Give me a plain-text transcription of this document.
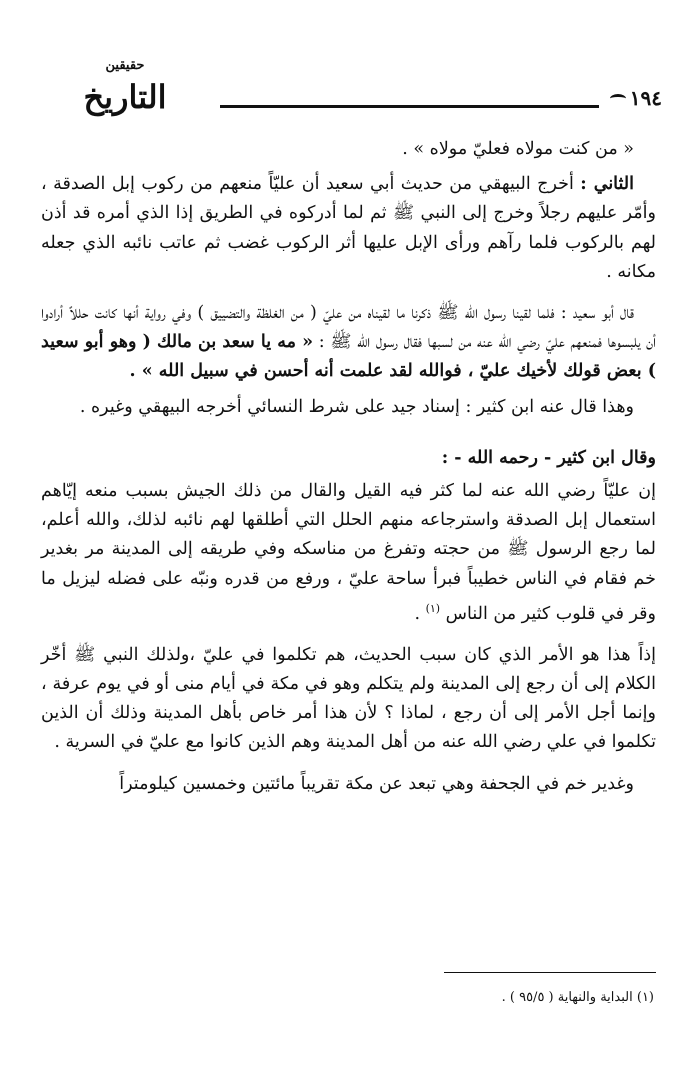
١٩٤
حقيقين
التاريخ

« من كنت مولاه فعليّ مولاه » .

الثاني : أخرج البيهقي من حديث أبي سعيد أن عليّاً منعهم من ركوب إبل الصدقة ، وأمّر عليهم رجلاً وخرج إلى النبي ﷺ ثم لما أدركوه في الطريق إذا الذي أمره قد أذن لهم بالركوب فلما رآهم ورأى الإبل عليها أثر الركوب غضب ثم عاتب نائبه الذي جعله مكانه .

قال أبو سعيد : فلما لقينا رسول الله ﷺ ذكرنا ما لقيناه من عليّ ( من الغلظة والتضييق ) وفي رواية أنها كانت حللاً أرادوا أن يلبسوها فمنعهم عليّ رضي الله عنه من لسبها فقال رسول الله ﷺ : « مه يا سعد بن مالك ( وهو أبو سعيد ) بعض قولك لأخيك عليّ ، فوالله لقد علمت أنه أحسن في سبيل الله » .

وهذا قال عنه ابن كثير : إسناد جيد على شرط النسائي أخرجه البيهقي وغيره .

وقال ابن كثير - رحمه الله - :

إن عليّاً رضي الله عنه لما كثر فيه القيل والقال من ذلك الجيش بسبب منعه إيّاهم استعمال إبل الصدقة واسترجاعه منهم الحلل التي أطلقها لهم نائبه لذلك، والله أعلم، لما رجع الرسول ﷺ من حجته وتفرغ من مناسكه وفي طريقه إلى المدينة مر بغدير خم فقام في الناس خطيباً فبرأ ساحة عليّ ، ورفع من قدره ونبّه على فضله ليزيل ما وقر في قلوب كثير من الناس $^{(١)}$ .

إذاً هذا هو الأمر الذي كان سبب الحديث، هم تكلموا في عليّ ،ولذلك النبي ﷺ أخّر الكلام إلى أن رجع إلى المدينة ولم يتكلم وهو في مكة في أيام منى أو في يوم عرفة ، وإنما أجل الأمر إلى أن رجع ، لماذا ؟ لأن هذا أمر خاص بأهل المدينة وذلك أن الذين تكلموا في علي رضي الله عنه من أهل المدينة وهم الذين كانوا مع عليّ في السرية .

وغدير خم في الجحفة وهي تبعد عن مكة تقريباً مائتين وخمسين كيلومتراً

(١) البداية والنهاية ( ٩٥/٥ ) .
